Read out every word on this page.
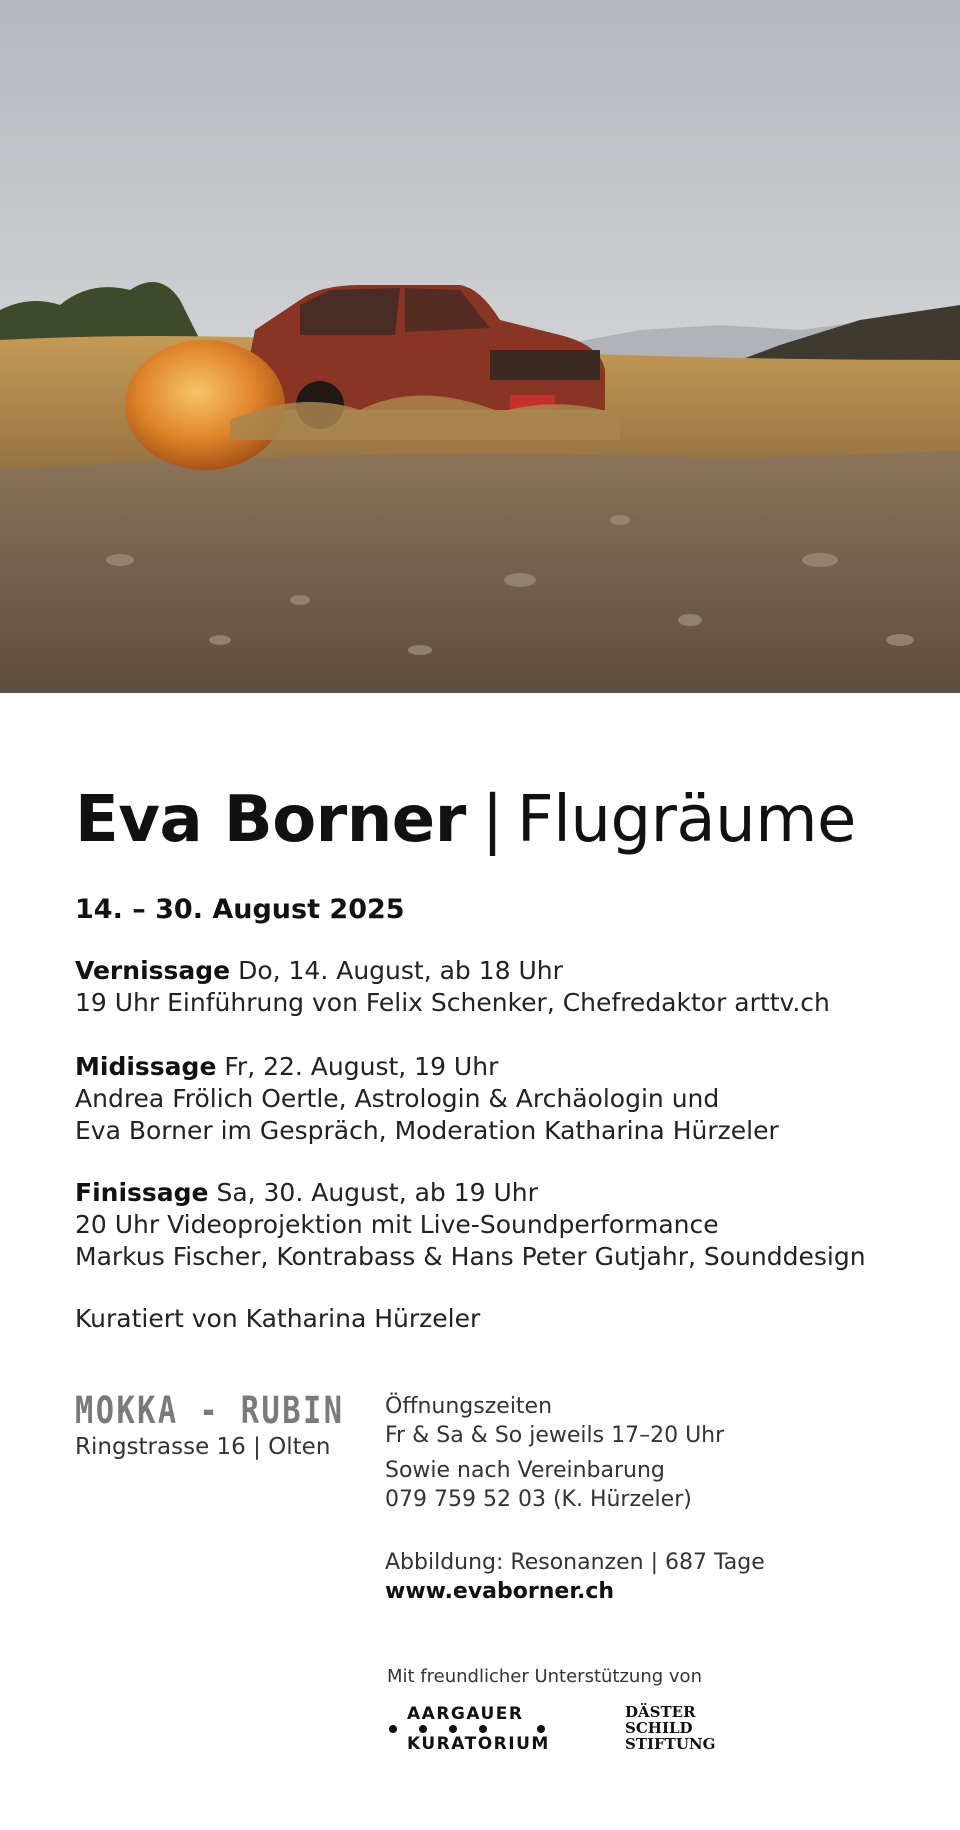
Eva Borner | Flugräume
14. – 30. August 2025
Vernissage Do, 14. August, ab 18 Uhr
19 Uhr Einführung von Felix Schenker, Chefredaktor arttv.ch
Midissage Fr, 22. August, 19 Uhr
Andrea Frölich Oertle, Astrologin & Archäologin und
Eva Borner im Gespräch, Moderation Katharina Hürzeler
Finissage Sa, 30. August, ab 19 Uhr
20 Uhr Videoprojektion mit Live-Soundperformance
Markus Fischer, Kontrabass & Hans Peter Gutjahr, Sounddesign
Kuratiert von Katharina Hürzeler
MOKKA - RUBIN
Ringstrasse 16 | Olten
Öffnungszeiten
Fr & Sa & So jeweils 17–20 Uhr
Sowie nach Vereinbarung
079 759 52 03 (K. Hürzeler)
Abbildung: Resonanzen | 687 Tage
www.evaborner.ch
Mit freundlicher Unterstützung von
AARGAUER
KURATORIUM
DÄSTER
SCHILD
STIFTUNG
